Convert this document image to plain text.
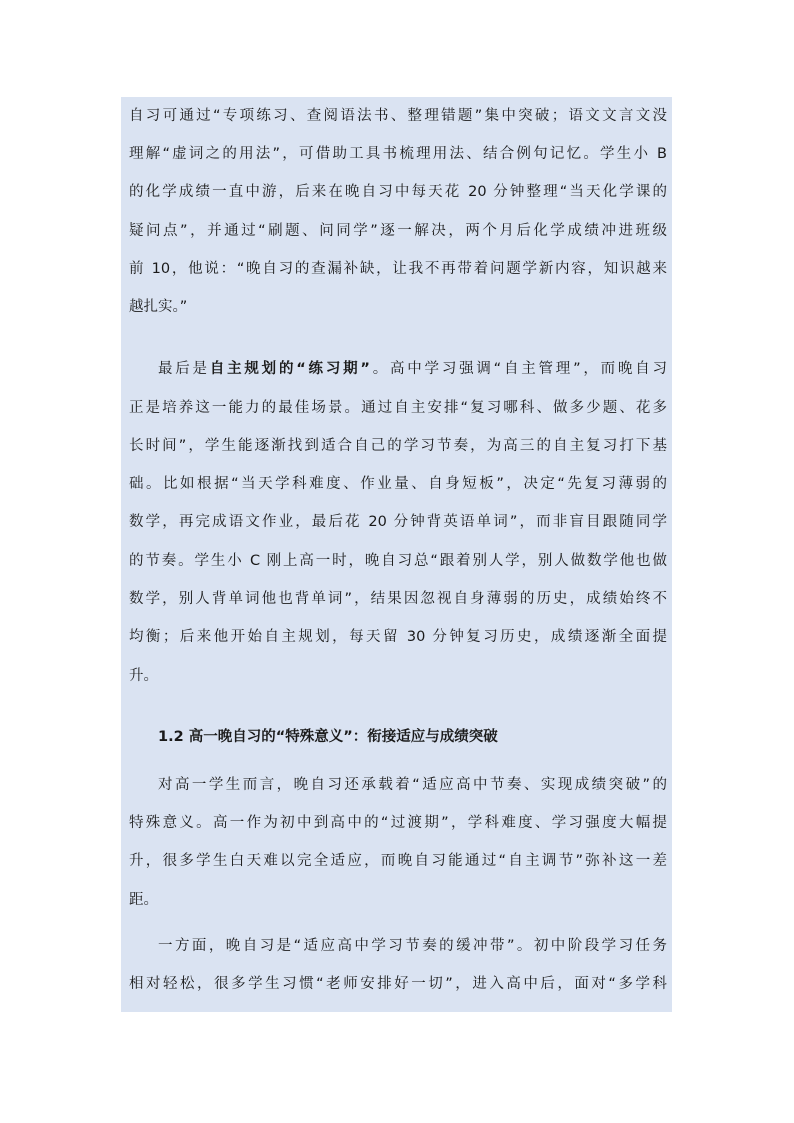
自习可通过“专项练习、查阅语法书、整理错题”集中突破；语文文言文没
理解“虚词之的用法”，可借助工具书梳理用法、结合例句记忆。学生小 B
的化学成绩一直中游，后来在晚自习中每天花 20 分钟整理“当天化学课的
疑问点”，并通过“刷题、问同学”逐一解决，两个月后化学成绩冲进班级
前 10，他说：“晚自习的查漏补缺，让我不再带着问题学新内容，知识越来
越扎实。”
最后是自主规划的“练习期”。高中学习强调“自主管理”，而晚自习
正是培养这一能力的最佳场景。通过自主安排“复习哪科、做多少题、花多
长时间”，学生能逐渐找到适合自己的学习节奏，为高三的自主复习打下基
础。比如根据“当天学科难度、作业量、自身短板”，决定“先复习薄弱的
数学，再完成语文作业，最后花 20 分钟背英语单词”，而非盲目跟随同学
的节奏。学生小 C 刚上高一时，晚自习总“跟着别人学，别人做数学他也做
数学，别人背单词他也背单词”，结果因忽视自身薄弱的历史，成绩始终不
均衡；后来他开始自主规划，每天留 30 分钟复习历史，成绩逐渐全面提
升。
1.2 高一晚自习的“特殊意义”：衔接适应与成绩突破
对高一学生而言，晚自习还承载着“适应高中节奏、实现成绩突破”的
特殊意义。高一作为初中到高中的“过渡期”，学科难度、学习强度大幅提
升，很多学生白天难以完全适应，而晚自习能通过“自主调节”弥补这一差
距。
一方面，晚自习是“适应高中学习节奏的缓冲带”。初中阶段学习任务
相对轻松，很多学生习惯“老师安排好一切”，进入高中后，面对“多学科
